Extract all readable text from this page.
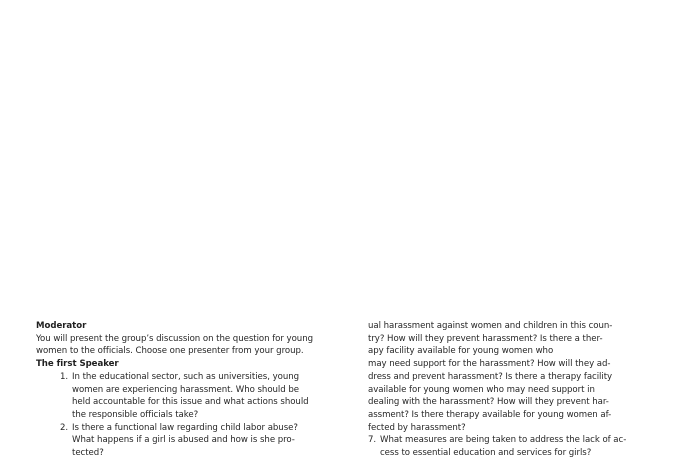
Moderator
You will present the group’s discussion on the question for young
women to the officials. Choose one presenter from your group.
The first Speaker
1. In the educational sector, such as universities, young
women are experiencing harassment. Who should be
held accountable for this issue and what actions should
the responsible officials take?
2. Is there a functional law regarding child labor abuse?
What happens if a girl is abused and how is she pro-
tected?
ual harassment against women and children in this coun-
try? How will they prevent harassment? Is there a ther-
apy facility available for young women who
may need support for the harassment? How will they ad-
dress and prevent harassment? Is there a therapy facility
available for young women who may need support in
dealing with the harassment? How will they prevent har-
assment? Is there therapy available for young women af-
fected by harassment?
7. What measures are being taken to address the lack of ac-
cess to essential education and services for girls?
